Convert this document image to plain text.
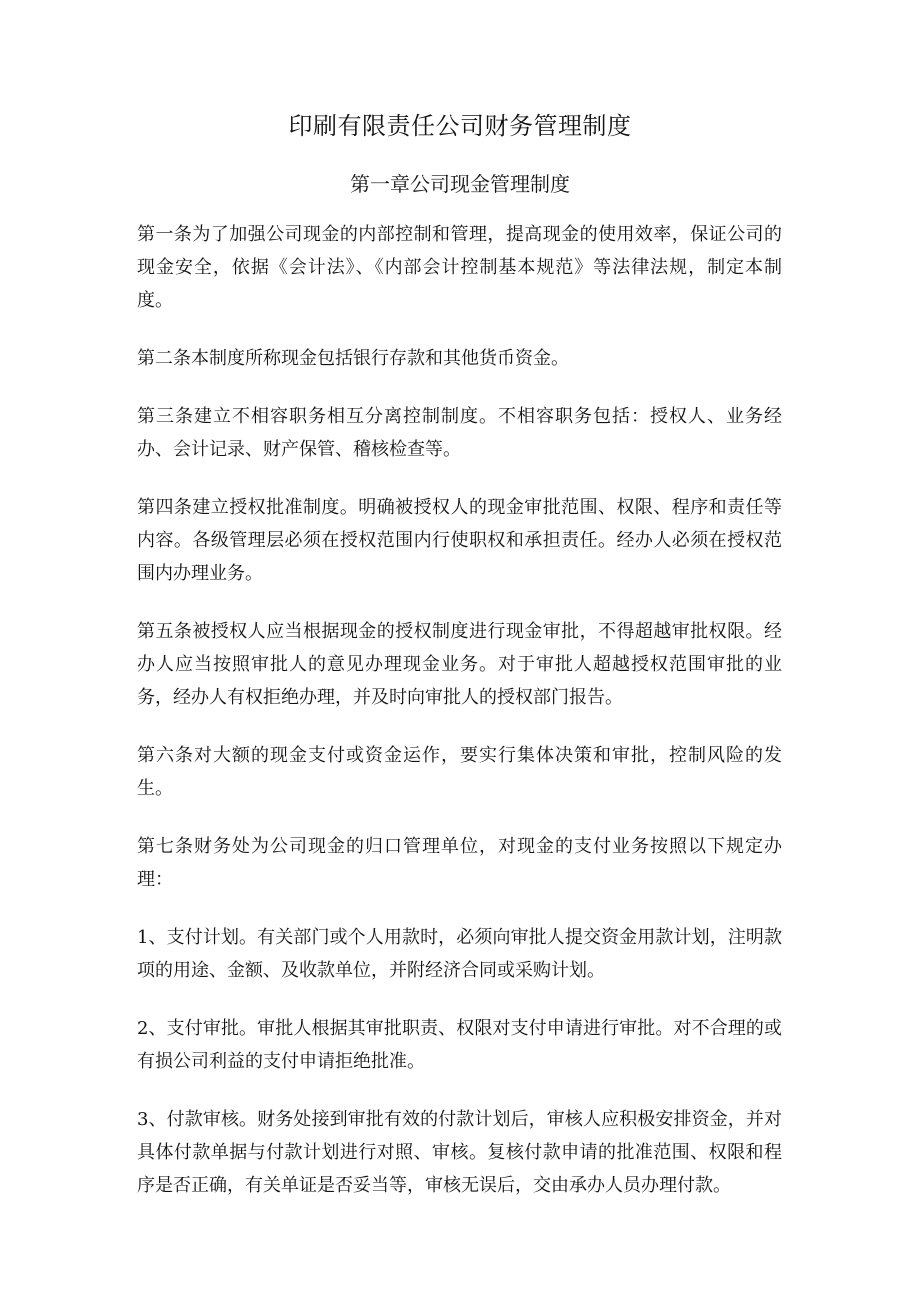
印刷有限责任公司财务管理制度
第一章公司现金管理制度

第一条为了加强公司现金的内部控制和管理，提高现金的使用效率，保证公司的现金安全，依据《会计法》、《内部会计控制基本规范》等法律法规，制定本制度。

第二条本制度所称现金包括银行存款和其他货币资金。

第三条建立不相容职务相互分离控制制度。不相容职务包括：授权人、业务经办、会计记录、财产保管、稽核检查等。

第四条建立授权批准制度。明确被授权人的现金审批范围、权限、程序和责任等内容。各级管理层必须在授权范围内行使职权和承担责任。经办人必须在授权范围内办理业务。

第五条被授权人应当根据现金的授权制度进行现金审批，不得超越审批权限。经办人应当按照审批人的意见办理现金业务。对于审批人超越授权范围审批的业务，经办人有权拒绝办理，并及时向审批人的授权部门报告。

第六条对大额的现金支付或资金运作，要实行集体决策和审批，控制风险的发生。

第七条财务处为公司现金的归口管理单位，对现金的支付业务按照以下规定办理：

1、支付计划。有关部门或个人用款时，必须向审批人提交资金用款计划，注明款项的用途、金额、及收款单位，并附经济合同或采购计划。

2、支付审批。审批人根据其审批职责、权限对支付申请进行审批。对不合理的或有损公司利益的支付申请拒绝批准。

3、付款审核。财务处接到审批有效的付款计划后，审核人应积极安排资金，并对具体付款单据与付款计划进行对照、审核。复核付款申请的批准范围、权限和程序是否正确，有关单证是否妥当等，审核无误后，交由承办人员办理付款。
